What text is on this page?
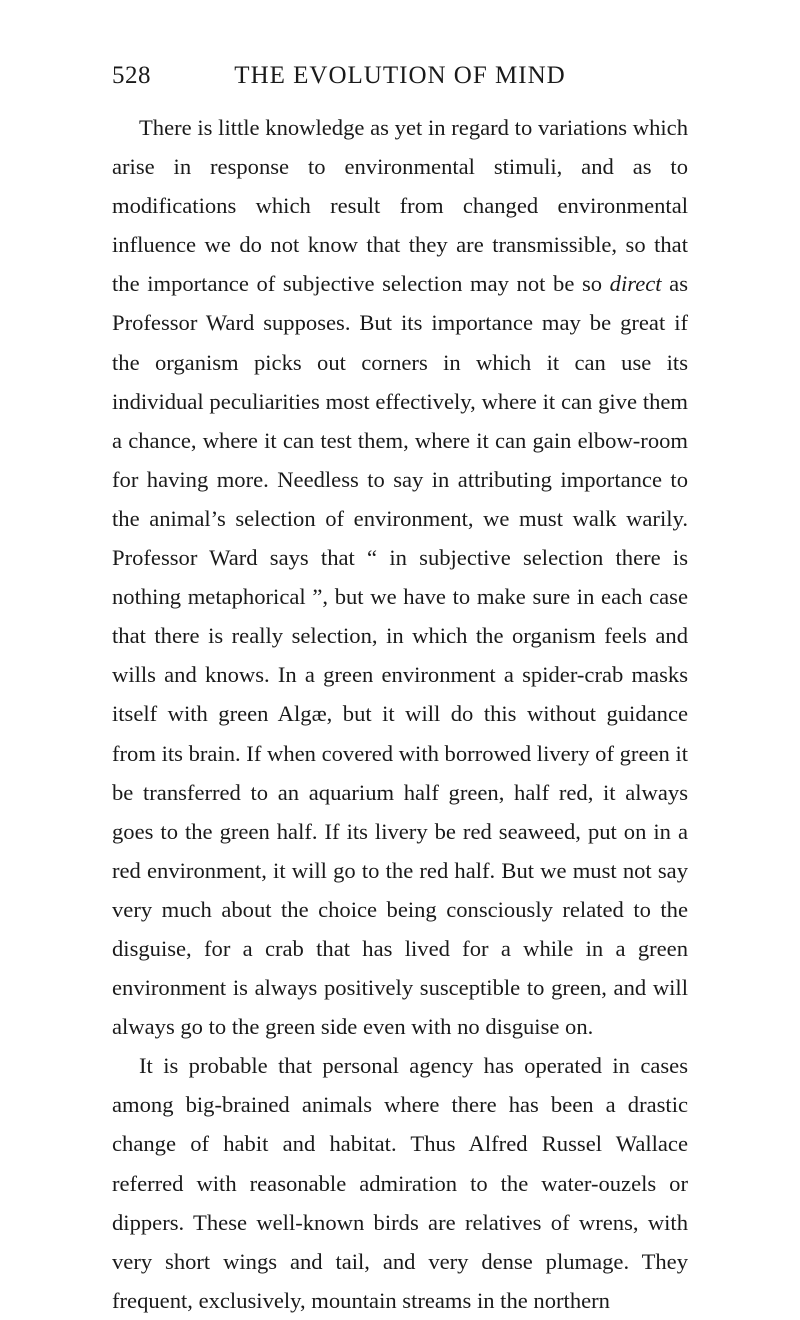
528	THE EVOLUTION OF MIND

There is little knowledge as yet in regard to variations which arise in response to environmental stimuli, and as to modifications which result from changed environmental influence we do not know that they are transmissible, so that the importance of subjective selection may not be so direct as Professor Ward supposes. But its importance may be great if the organism picks out corners in which it can use its individual peculiarities most effectively, where it can give them a chance, where it can test them, where it can gain elbow-room for having more. Needless to say in attributing importance to the animal’s selection of environment, we must walk warily. Professor Ward says that “ in subjective selection there is nothing metaphorical ”, but we have to make sure in each case that there is really selection, in which the organism feels and wills and knows. In a green environment a spider-crab masks itself with green Algæ, but it will do this without guidance from its brain. If when covered with borrowed livery of green it be transferred to an aquarium half green, half red, it always goes to the green half. If its livery be red seaweed, put on in a red environment, it will go to the red half. But we must not say very much about the choice being consciously related to the disguise, for a crab that has lived for a while in a green environment is always positively susceptible to green, and will always go to the green side even with no disguise on.

It is probable that personal agency has operated in cases among big-brained animals where there has been a drastic change of habit and habitat. Thus Alfred Russel Wallace referred with reasonable admiration to the water-ouzels or dippers. These well-known birds are relatives of wrens, with very short wings and tail, and very dense plumage. They frequent, exclusively, mountain streams in the northern
